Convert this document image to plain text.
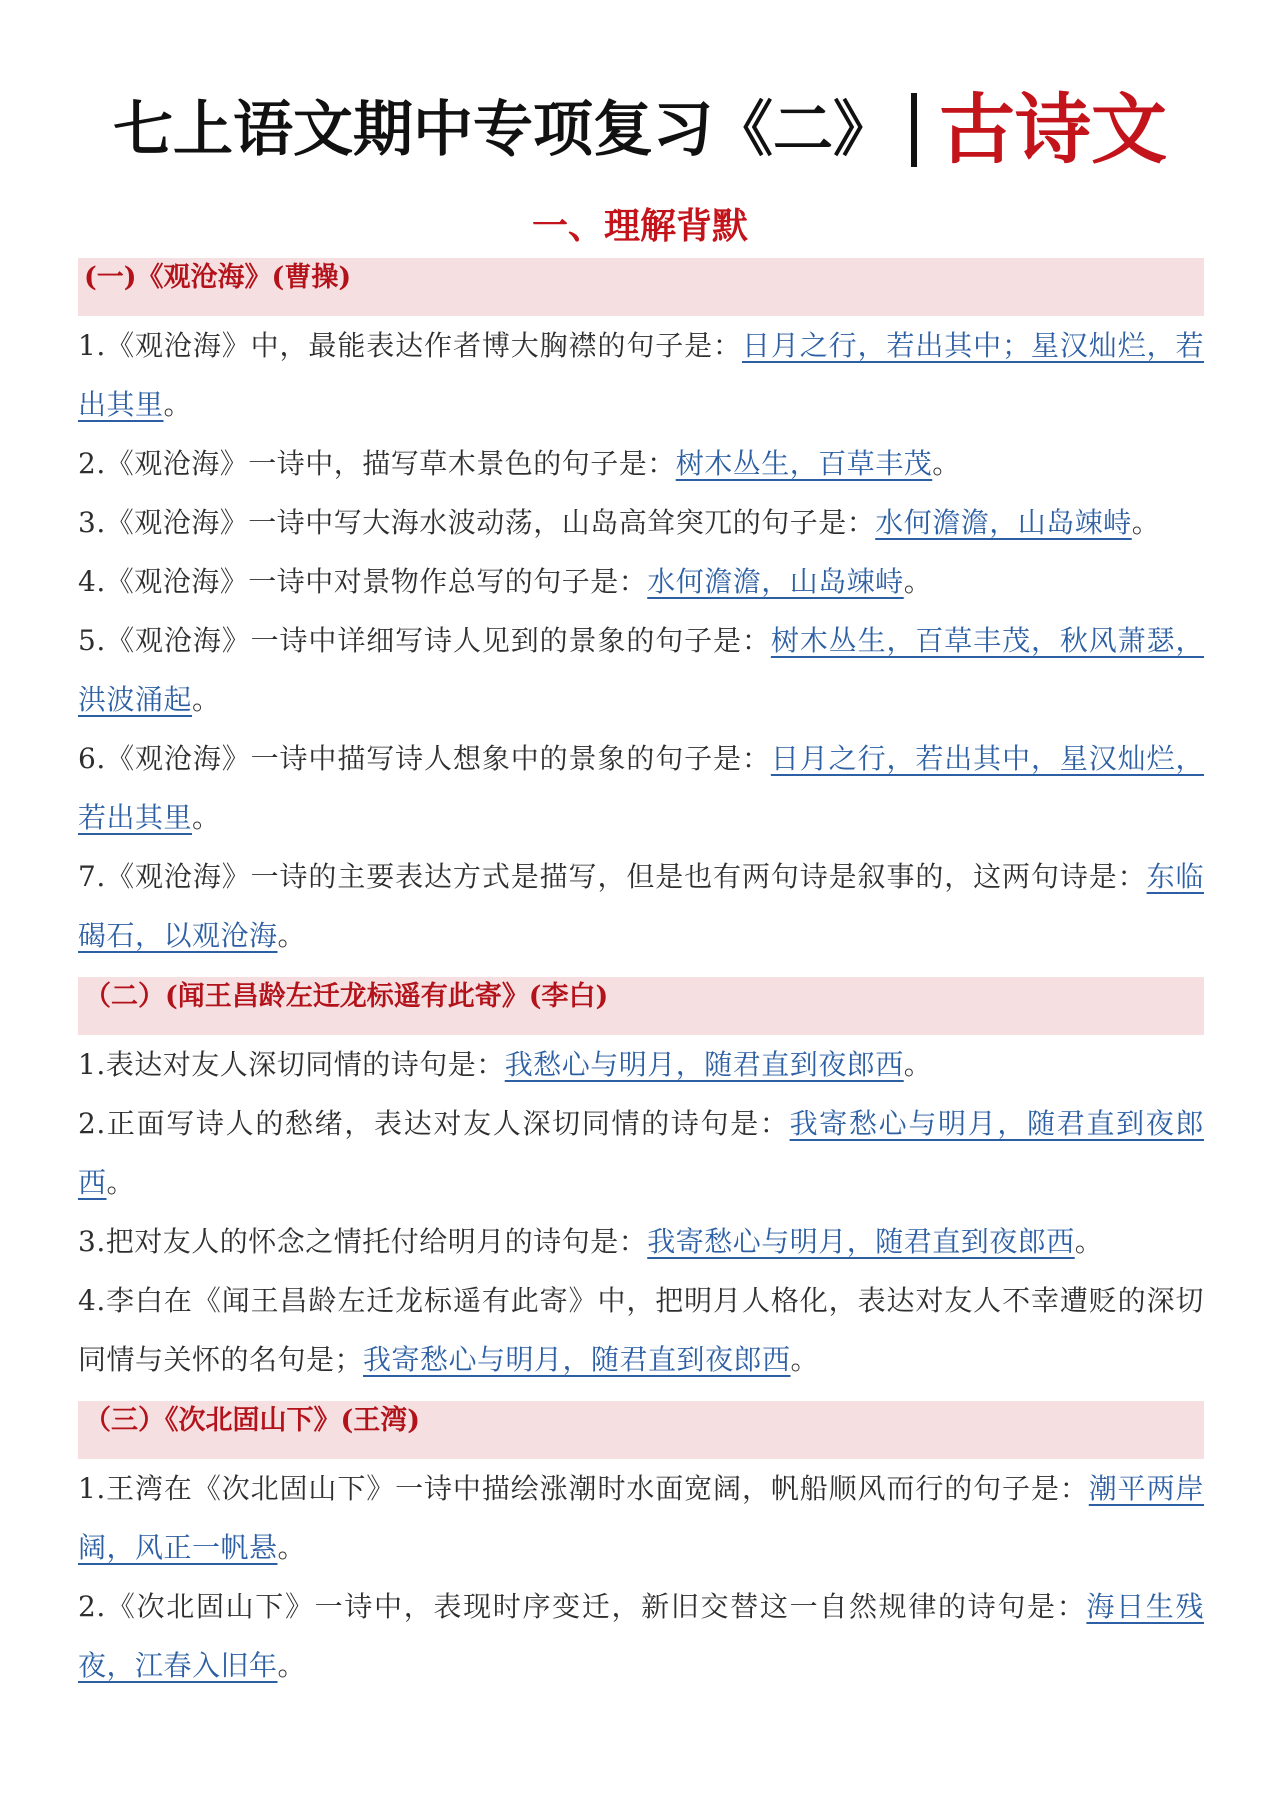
七上语文期中专项复习《二》 古诗文
一、理解背默
(一)《观沧海》(曹操)
1.《观沧海》中，最能表达作者博大胸襟的句子是：日月之行，若出其中；星汉灿烂，若出其里。
2.《观沧海》一诗中，描写草木景色的句子是：树木丛生，百草丰茂。
3.《观沧海》一诗中写大海水波动荡，山岛高耸突兀的句子是：水何澹澹，山岛竦峙。
4.《观沧海》一诗中对景物作总写的句子是：水何澹澹，山岛竦峙。
5.《观沧海》一诗中详细写诗人见到的景象的句子是：树木丛生，百草丰茂，秋风萧瑟，洪波涌起。
6.《观沧海》一诗中描写诗人想象中的景象的句子是：日月之行，若出其中，星汉灿烂，若出其里。
7.《观沧海》一诗的主要表达方式是描写，但是也有两句诗是叙事的，这两句诗是：东临碣石，以观沧海。
（二）(闻王昌龄左迁龙标遥有此寄》(李白)
1.表达对友人深切同情的诗句是：我愁心与明月，随君直到夜郎西。
2.正面写诗人的愁绪，表达对友人深切同情的诗句是：我寄愁心与明月，随君直到夜郎西。
3.把对友人的怀念之情托付给明月的诗句是：我寄愁心与明月，随君直到夜郎西。
4.李白在《闻王昌龄左迁龙标遥有此寄》中，把明月人格化，表达对友人不幸遭贬的深切同情与关怀的名句是；我寄愁心与明月，随君直到夜郎西。
（三）《次北固山下》(王湾)
1.王湾在《次北固山下》一诗中描绘涨潮时水面宽阔，帆船顺风而行的句子是：潮平两岸阔，风正一帆悬。
2.《次北固山下》一诗中，表现时序变迁，新旧交替这一自然规律的诗句是：海日生残夜，江春入旧年。
